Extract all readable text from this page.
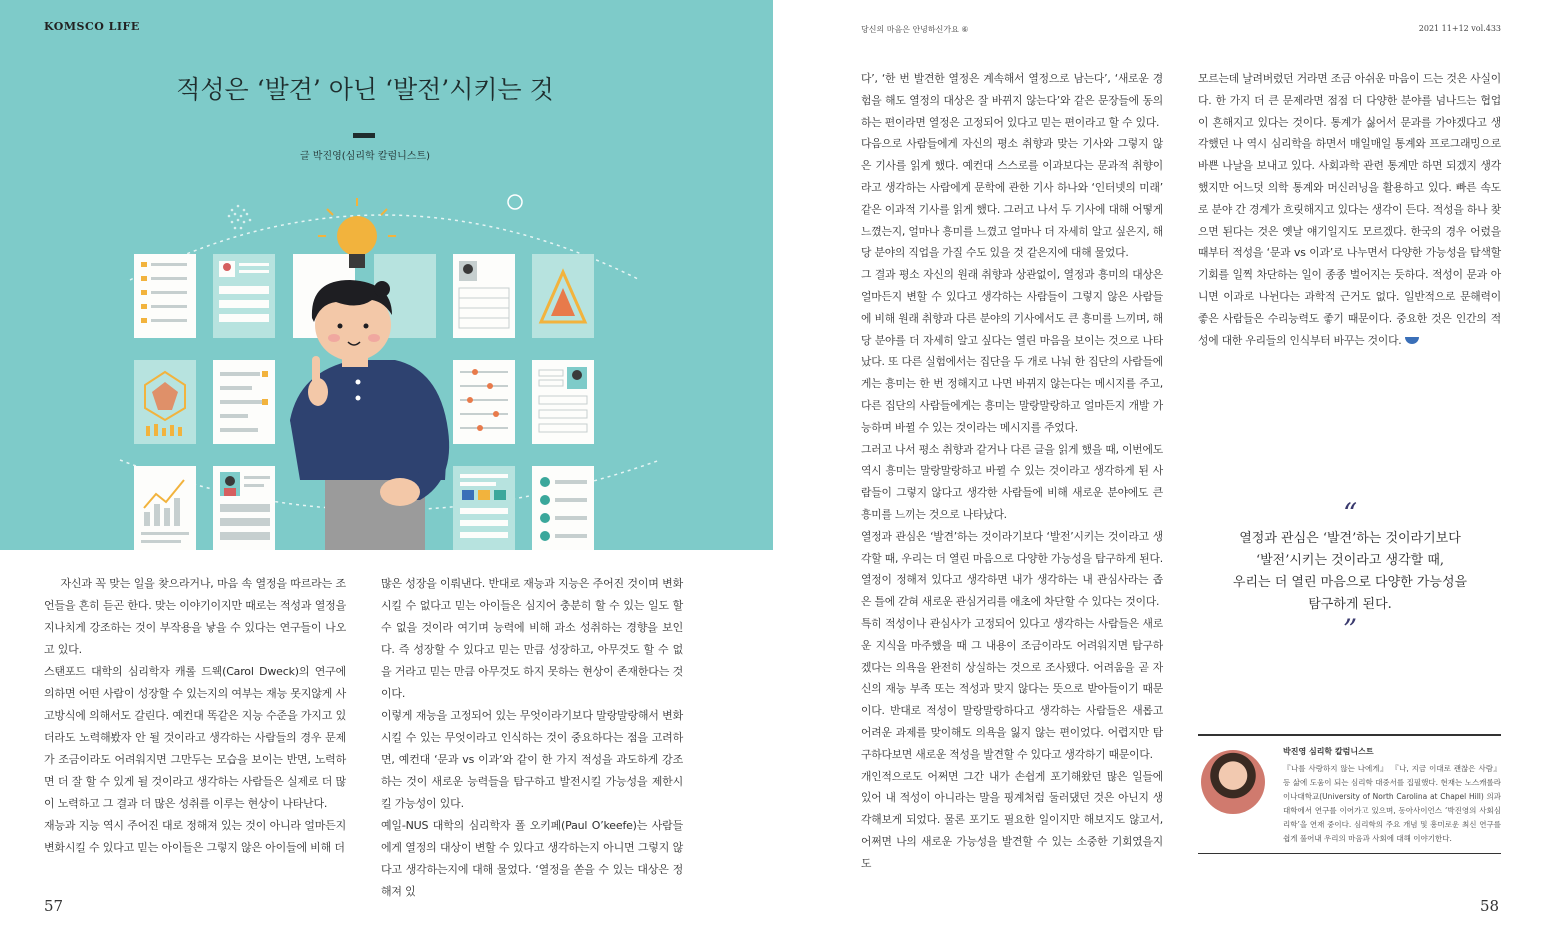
KOMSCO LIFE
적성은 ‘발견’ 아닌 ‘발전’시키는 것
글 박진영(심리학 칼럼니스트)

자신과 꼭 맞는 일을 찾으라거나, 마음 속 열정을 따르라는 조언들을 흔히 듣곤 한다. 맞는 이야기이지만 때로는 적성과 열정을 지나치게 강조하는 것이 부작용을 낳을 수 있다는 연구들이 나오고 있다.

스탠포드 대학의 심리학자 캐롤 드웩(Carol Dweck)의 연구에 의하면 어떤 사람이 성장할 수 있는지의 여부는 재능 못지않게 사고방식에 의해서도 갈린다. 예컨대 똑같은 지능 수준을 가지고 있더라도 노력해봤자 안 될 것이라고 생각하는 사람들의 경우 문제가 조금이라도 어려워지면 그만두는 모습을 보이는 반면, 노력하면 더 잘 할 수 있게 될 것이라고 생각하는 사람들은 실제로 더 많이 노력하고 그 결과 더 많은 성취를 이루는 현상이 나타난다.

재능과 지능 역시 주어진 대로 정해져 있는 것이 아니라 얼마든지 변화시킬 수 있다고 믿는 아이들은 그렇지 않은 아이들에 비해 더

많은 성장을 이뤄낸다. 반대로 재능과 지능은 주어진 것이며 변화시킬 수 없다고 믿는 아이들은 심지어 충분히 할 수 있는 일도 할 수 없을 것이라 여기며 능력에 비해 과소 성취하는 경향을 보인다. 즉 성장할 수 있다고 믿는 만큼 성장하고, 아무것도 할 수 없을 거라고 믿는 만큼 아무것도 하지 못하는 현상이 존재한다는 것이다.

이렇게 재능을 고정되어 있는 무엇이라기보다 말랑말랑해서 변화시킬 수 있는 무엇이라고 인식하는 것이 중요하다는 점을 고려하면, 예컨대 ‘문과 vs 이과’와 같이 한 가지 적성을 과도하게 강조하는 것이 새로운 능력들을 탐구하고 발전시킬 가능성을 제한시킬 가능성이 있다.

예일-NUS 대학의 심리학자 폴 오키페(Paul O’keefe)는 사람들에게 열정의 대상이 변할 수 있다고 생각하는지 아니면 그렇지 않다고 생각하는지에 대해 물었다. ‘열정을 쏟을 수 있는 대상은 정해져 있

57
당신의 마음은 안녕하신가요 ⑥	2021 11+12 vol.433

다’, ‘한 번 발견한 열정은 계속해서 열정으로 남는다’, ‘새로운 경험을 해도 열정의 대상은 잘 바뀌지 않는다’와 같은 문장들에 동의하는 편이라면 열정은 고정되어 있다고 믿는 편이라고 할 수 있다.

다음으로 사람들에게 자신의 평소 취향과 맞는 기사와 그렇지 않은 기사를 읽게 했다. 예컨대 스스로를 이과보다는 문과적 취향이라고 생각하는 사람에게 문학에 관한 기사 하나와 ‘인터넷의 미래’ 같은 이과적 기사를 읽게 했다. 그러고 나서 두 기사에 대해 어떻게 느꼈는지, 얼마나 흥미를 느꼈고 얼마나 더 자세히 알고 싶은지, 해당 분야의 직업을 가질 수도 있을 것 같은지에 대해 물었다.

그 결과 평소 자신의 원래 취향과 상관없이, 열정과 흥미의 대상은 얼마든지 변할 수 있다고 생각하는 사람들이 그렇지 않은 사람들에 비해 원래 취향과 다른 분야의 기사에서도 큰 흥미를 느끼며, 해당 분야를 더 자세히 알고 싶다는 열린 마음을 보이는 것으로 나타났다. 또 다른 실험에서는 집단을 두 개로 나눠 한 집단의 사람들에게는 흥미는 한 번 정해지고 나면 바뀌지 않는다는 메시지를 주고, 다른 집단의 사람들에게는 흥미는 말랑말랑하고 얼마든지 개발 가능하며 바뀔 수 있는 것이라는 메시지를 주었다.

그러고 나서 평소 취향과 같거나 다른 글을 읽게 했을 때, 이번에도 역시 흥미는 말랑말랑하고 바뀔 수 있는 것이라고 생각하게 된 사람들이 그렇지 않다고 생각한 사람들에 비해 새로운 분야에도 큰 흥미를 느끼는 것으로 나타났다.

열정과 관심은 ‘발견’하는 것이라기보다 ‘발전’시키는 것이라고 생각할 때, 우리는 더 열린 마음으로 다양한 가능성을 탐구하게 된다. 열정이 정해져 있다고 생각하면 내가 생각하는 내 관심사라는 좁은 틀에 갇혀 새로운 관심거리를 애초에 차단할 수 있다는 것이다.

특히 적성이나 관심사가 고정되어 있다고 생각하는 사람들은 새로운 지식을 마주했을 때 그 내용이 조금이라도 어려워지면 탐구하겠다는 의욕을 완전히 상실하는 것으로 조사됐다. 어려움을 곧 자신의 재능 부족 또는 적성과 맞지 않다는 뜻으로 받아들이기 때문이다. 반대로 적성이 말랑말랑하다고 생각하는 사람들은 새롭고 어려운 과제를 맞이해도 의욕을 잃지 않는 편이었다. 어렵지만 탐구하다보면 새로운 적성을 발견할 수 있다고 생각하기 때문이다.

개인적으로도 어쩌면 그간 내가 손쉽게 포기해왔던 많은 일들에 있어 내 적성이 아니라는 말을 핑계처럼 둘러댔던 것은 아닌지 생각해보게 되었다. 물론 포기도 필요한 일이지만 해보지도 않고서, 어쩌면 나의 새로운 가능성을 발견할 수 있는 소중한 기회였을지도

모르는데 날려버렸던 거라면 조금 아쉬운 마음이 드는 것은 사실이다. 한 가지 더 큰 문제라면 점점 더 다양한 분야를 넘나드는 협업이 흔해지고 있다는 것이다. 통계가 싫어서 문과를 가야겠다고 생각했던 나 역시 심리학을 하면서 매일매일 통계와 프로그래밍으로 바쁜 나날을 보내고 있다. 사회과학 관련 통계만 하면 되겠지 생각했지만 어느덧 의학 통계와 머신러닝을 활용하고 있다. 빠른 속도로 분야 간 경계가 흐릿해지고 있다는 생각이 든다. 적성을 하나 찾으면 된다는 것은 옛날 얘기일지도 모르겠다. 한국의 경우 어렸을 때부터 적성을 ‘문과 vs 이과’로 나누면서 다양한 가능성을 탐색할 기회를 일찍 차단하는 일이 종종 벌어지는 듯하다. 적성이 문과 아니면 이과로 나뉜다는 과학적 근거도 없다. 일반적으로 문해력이 좋은 사람들은 수리능력도 좋기 때문이다. 중요한 것은 인간의 적성에 대한 우리들의 인식부터 바꾸는 것이다.

“
열정과 관심은 ‘발견’하는 것이라기보다
‘발전’시키는 것이라고 생각할 때,
우리는 더 열린 마음으로 다양한 가능성을
탐구하게 된다.
”
박진영 심리학 칼럼니스트
『나를 사랑하지 않는 나에게』 『나, 지금 이대로 괜찮은 사람』 등 삶에 도움이 되는 심리학 대중서를 집필했다. 현재는 노스캐롤라이나대학교(University of North Carolina at Chapel Hill) 의과대학에서 연구를 이어가고 있으며, 동아사이언스 ‘박진영의 사회심리학’을 연재 중이다. 심리학의 주요 개념 및 흥미로운 최신 연구를 쉽게 풀어내 우리의 마음과 사회에 대해 이야기한다.
58
